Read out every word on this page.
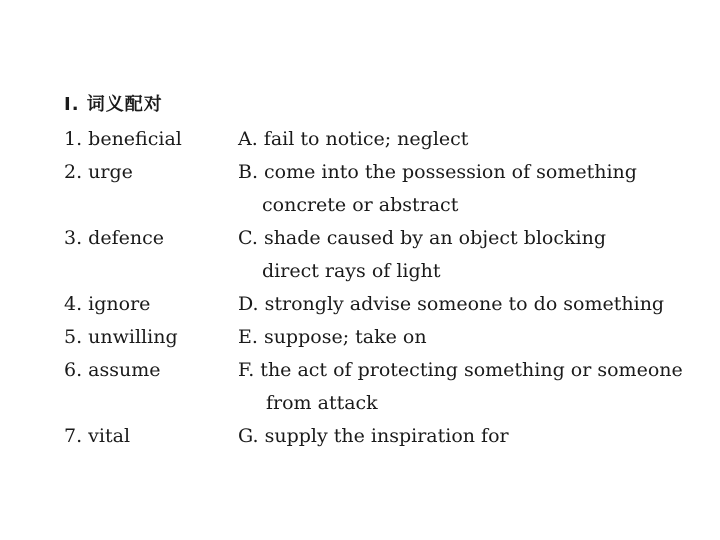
Ⅰ. 词义配对
1. beneficial
2. urge
3. defence
4. ignore
5. unwilling
6. assume
7. vital
A. fail to notice; neglect
B. come into the possession of something
concrete or abstract
C. shade caused by an object blocking
direct rays of light
D. strongly advise someone to do something
E. suppose; take on
F. the act of protecting something or someone
from attack
G. supply the inspiration for
